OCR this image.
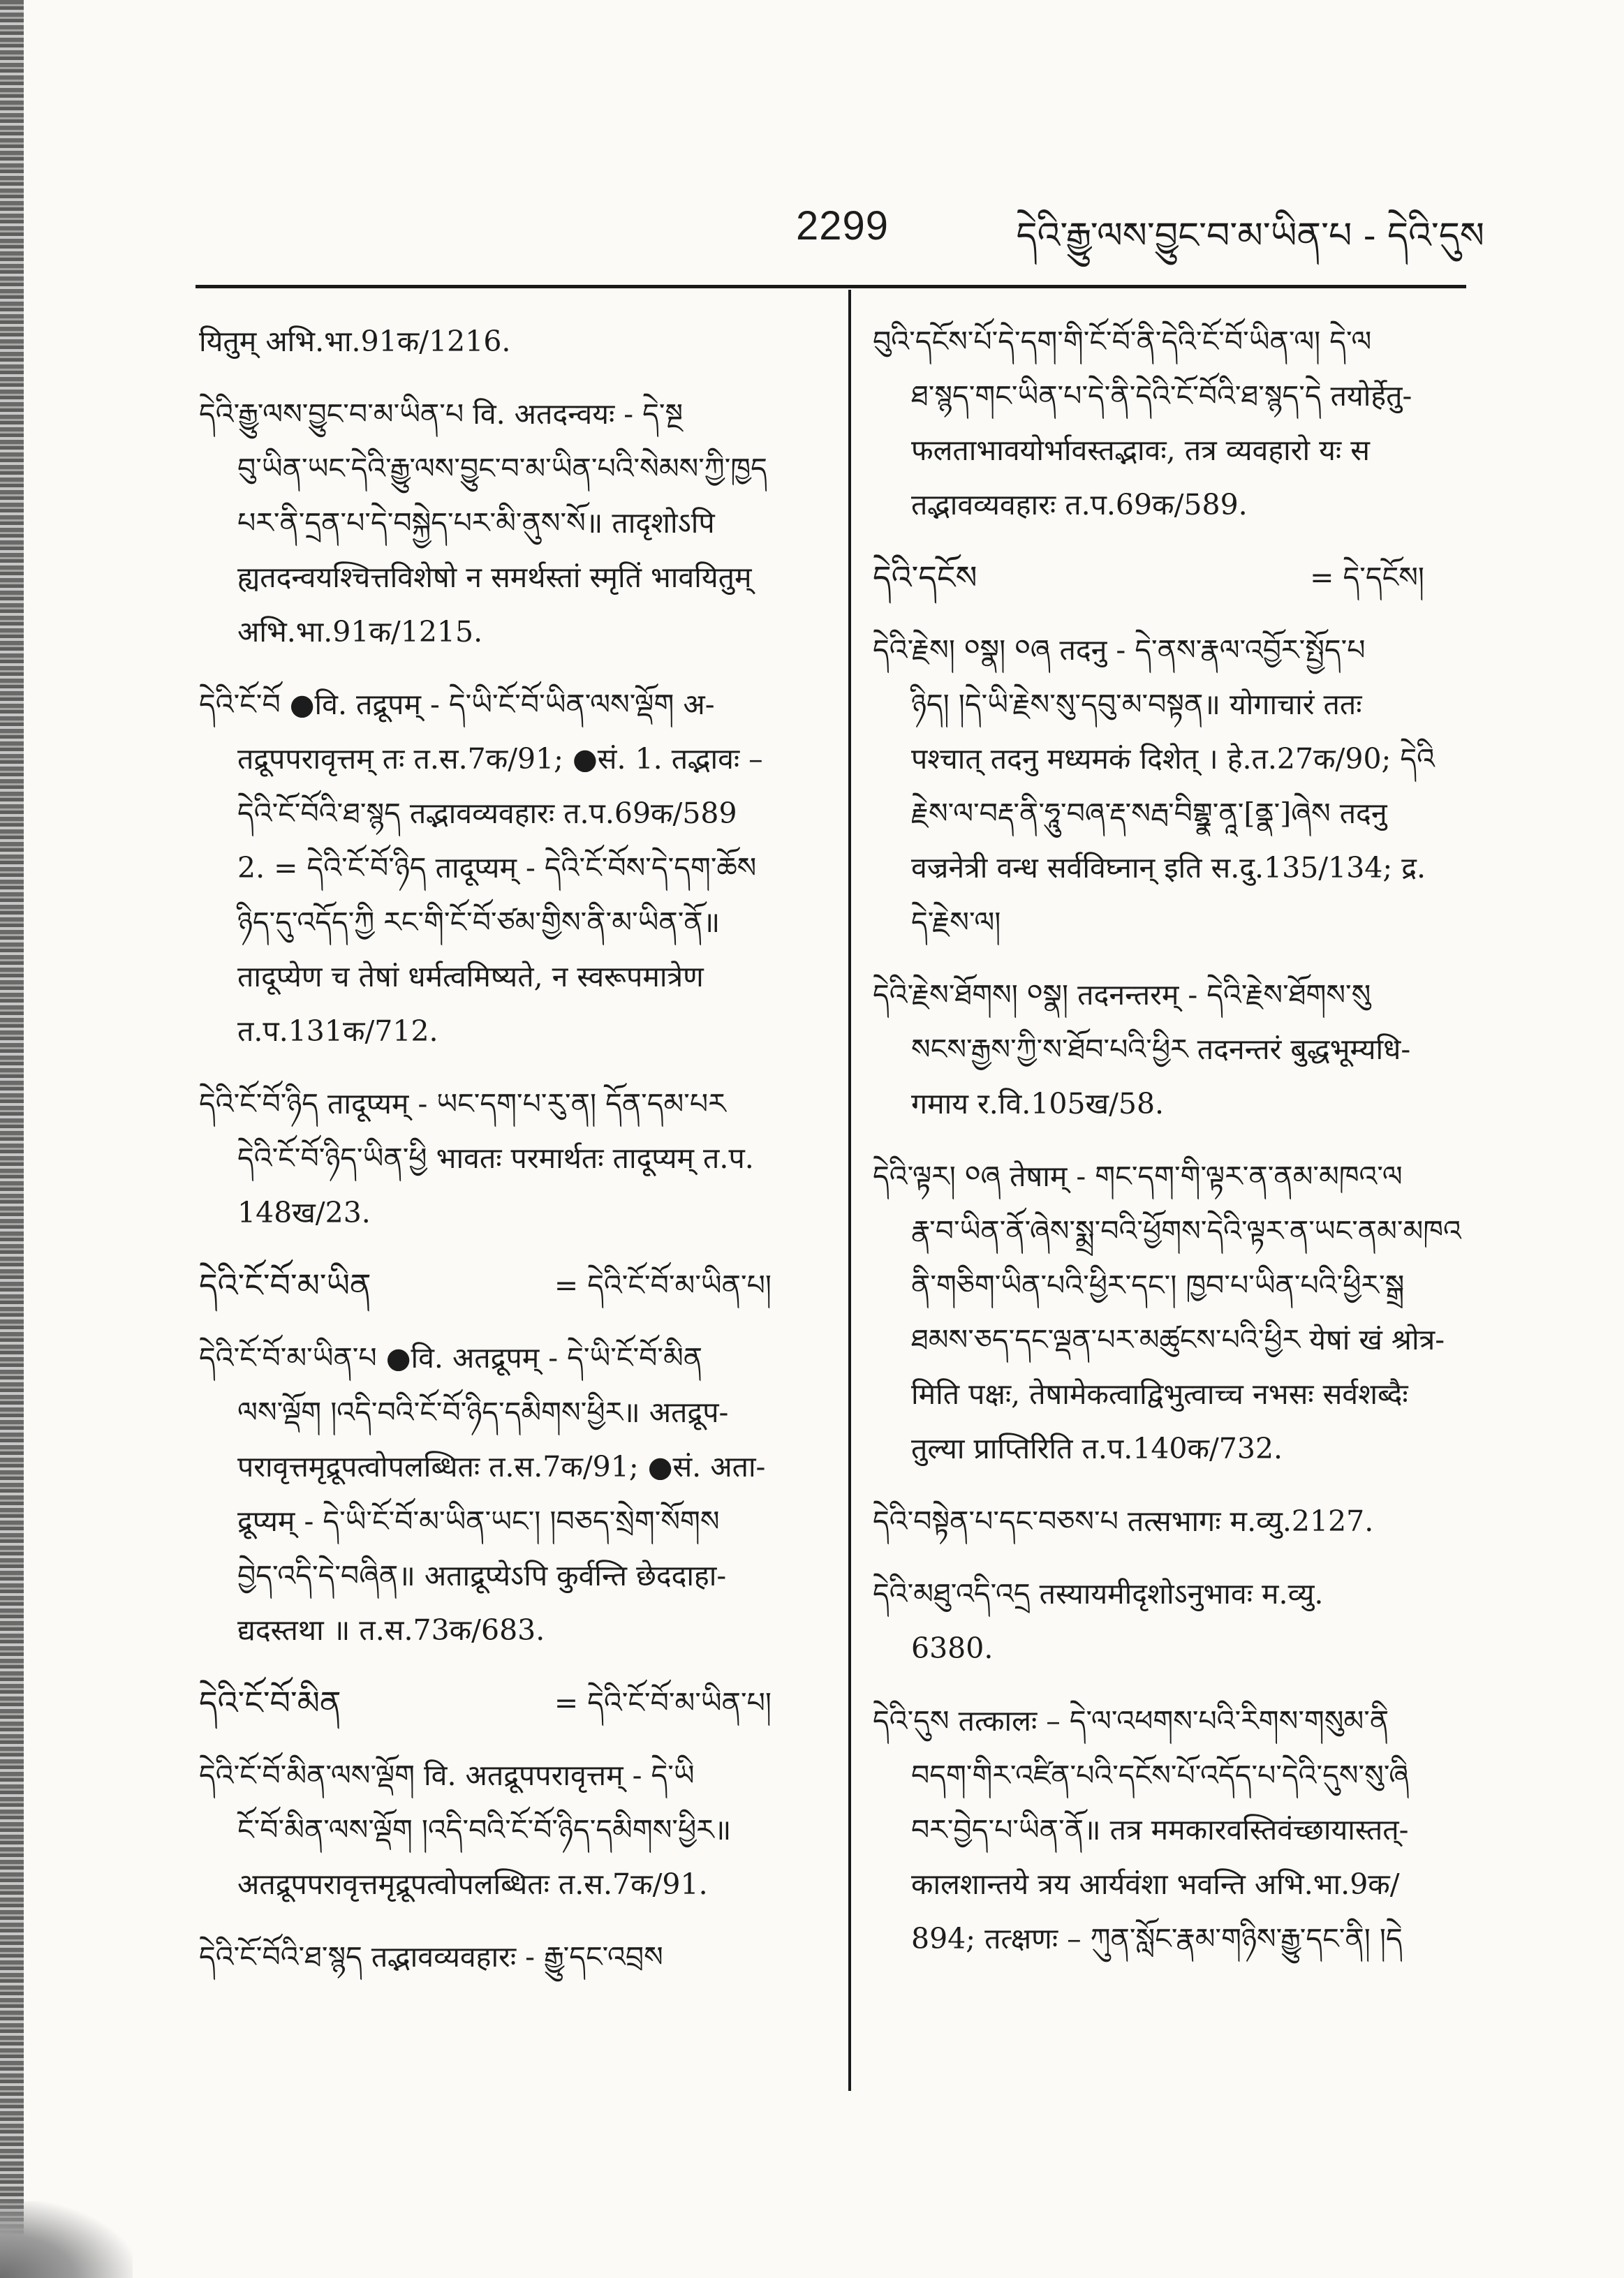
2299	དེའི་རྒྱུ་ལས་བྱུང་བ་མ་ཡིན་པ - དེའི་དུས
यितुम् अभि.भा.91क/1216.
དེའི་རྒྱུ་ལས་བྱུང་བ་མ་ཡིན་པ वि. अतदन्वयः - དེ་སྔ
བུ་ཡིན་ཡང་དེའི་རྒྱུ་ལས་བྱུང་བ་མ་ཡིན་པའི་སེམས་ཀྱི་ཁྱད
པར་ནི་དྲན་པ་དེ་བསྐྱེད་པར་མི་ནུས་སོ॥ तादृशोऽपि
ह्यतदन्वयश्चित्तविशेषो न समर्थस्तां स्मृतिं भावयितुम्
अभि.भा.91क/1215.
དེའི་ངོ་བོ ●वि. तद्रूपम् - དེ་ཡི་ངོ་བོ་ཡིན་ལས་ལྡོག अ-
तद्रूपपरावृत्तम् तः त.स.7क/91; ●सं. 1. तद्भावः –
དེའི་ངོ་བོའི་ཐ་སྙད तद्भावव्यवहारः त.प.69क/589
2. = དེའི་ངོ་བོ་ཉིད तादूप्यम् - དེའི་ངོ་བོས་དེ་དག་ཆོས
ཉིད་དུ་འདོད་ཀྱི རང་གི་ངོ་བོ་ཙམ་གྱིས་ནི་མ་ཡིན་ནོ॥
तादूप्येण च तेषां धर्मत्वमिष्यते, न स्वरूपमात्रेण
त.प.131क/712.
དེའི་ངོ་བོ་ཉིད तादूप्यम् - ཡང་དག་པ་རུ་ན། དོན་དམ་པར
དེའི་ངོ་བོ་ཉིད་ཡིན་ཕྱི भावतः परमार्थतः तादूप्यम् त.प.
148ख/23.
དེའི་ངོ་བོ་མ་ཡིན	= དེའི་ངོ་བོ་མ་ཡིན་པ།
དེའི་ངོ་བོ་མ་ཡིན་པ ●वि. अतद्रूपम् - དེ་ཡི་ངོ་བོ་མིན
ལས་ལྡོག །འདི་བའི་ངོ་བོ་ཉིད་དམིགས་ཕྱིར॥ अतद्रूप-
परावृत्तमृद्रूपत्वोपलब्धितः त.स.7क/91; ●सं. अता-
द्रूप्यम् - དེ་ཡི་ངོ་བོ་མ་ཡིན་ཡང་། །བཅད་སྲེག་སོགས
བྱེད་འདི་དེ་བཞིན॥ अताद्रूप्येऽपि कुर्वन्ति छेददाहा-
द्यदस्तथा ॥ त.स.73क/683.
དེའི་ངོ་བོ་མིན	= དེའི་ངོ་བོ་མ་ཡིན་པ།
དེའི་ངོ་བོ་མིན་ལས་ལྡོག वि. अतद्रूपपरावृत्तम् - དེ་ཡི
ངོ་བོ་མིན་ལས་ལྡོག །འདི་བའི་ངོ་བོ་ཉིད་དམིགས་ཕྱིར॥
अतद्रूपपरावृत्तमृद्रूपत्वोपलब्धितः त.स.7क/91.
དེའི་ངོ་བོའི་ཐ་སྙད तद्भावव्यवहारः - རྒྱུ་དང་འབྲས
བུའི་དངོས་པོ་དེ་དག་གི་ངོ་བོ་ནི་དེའི་ངོ་བོ་ཡིན་ལ། དེ་ལ
ཐ་སྙད་གང་ཡིན་པ་དེ་ནི་དེའི་ངོ་བོའི་ཐ་སྙད་དེ तयोर्हेतु-
फलताभावयोर्भावस्तद्भावः, तत्र व्यवहारो यः स
तद्भावव्यवहारः त.प.69क/589.
དེའི་དངོས	= དེ་དངོས།
དེའི་རྗེས། ༠སྣ། ༠ཞ तदनु - དེ་ནས་རྣལ་འབྱོར་སྤྱོད་པ
ཉིད། །དེ་ཡི་རྗེས་སུ་དབུ་མ་བསྟན॥ योगाचारं ततः
पश्चात् तदनु मध्यमकं दिशेत् । हे.त.27क/90; དེའི
རྗེས་ལ་བརྡ་ནི་ཧཱུ་བཞ་རྡ་སརྦ་བིགྷྣ་ནཱ་[ནྣ་]ཞེས तदनु
वज्रनेत्री वन्ध सर्वविघ्नान् इति स.दु.135/134; द्र.
དེ་རྗེས་ལ།
དེའི་རྗེས་ཐོགས། ༠སྣ། तदनन्तरम् - དེའི་རྗེས་ཐོགས་སུ
སངས་རྒྱས་ཀྱི་ས་ཐོབ་པའི་ཕྱིར तदनन्तरं बुद्धभूम्यधि-
गमाय र.वि.105ख/58.
དེའི་ལྟར། ༠ཞ तेषाम् - གང་དག་གི་ལྟར་ན་ནམ་མཁའ་ལ
རྣ་བ་ཡིན་ནོ་ཞེས་སྨྲ་བའི་ཕྱོགས་དེའི་ལྟར་ན་ཡང་ནམ་མཁའ
ནི་གཅིག་ཡིན་པའི་ཕྱིར་དང་། ཁྱབ་པ་ཡིན་པའི་ཕྱིར་སྒྲ
ཐམས་ཅད་དང་ལྡན་པར་མཚུངས་པའི་ཕྱིར येषां खं श्रोत्र-
मिति पक्षः, तेषामेकत्वाद्विभुत्वाच्च नभसः सर्वशब्दैः
तुल्या प्राप्तिरिति त.प.140क/732.
དེའི་བསྟེན་པ་དང་བཅས་པ तत्सभागः म.व्यु.2127.
དེའི་མཐུ་འདི་འདྲ तस्यायमीदृशोऽनुभावः म.व्यु.
6380.
དེའི་དུས तत्कालः – དེ་ལ་འཕགས་པའི་རིགས་གསུམ་ནི
བདག་གིར་འཛིན་པའི་དངོས་པོ་འདོད་པ་དེའི་དུས་སུ་ཞི
བར་བྱེད་པ་ཡིན་ནོ॥ तत्र ममकारवस्तिवंच्छायास्तत्-
कालशान्तये त्रय आर्यवंशा भवन्ति अभि.भा.9क/
894; तत्क्षणः – ཀུན་སློང་རྣམ་གཉིས་རྒྱུ་དང་ནི། །དེ
